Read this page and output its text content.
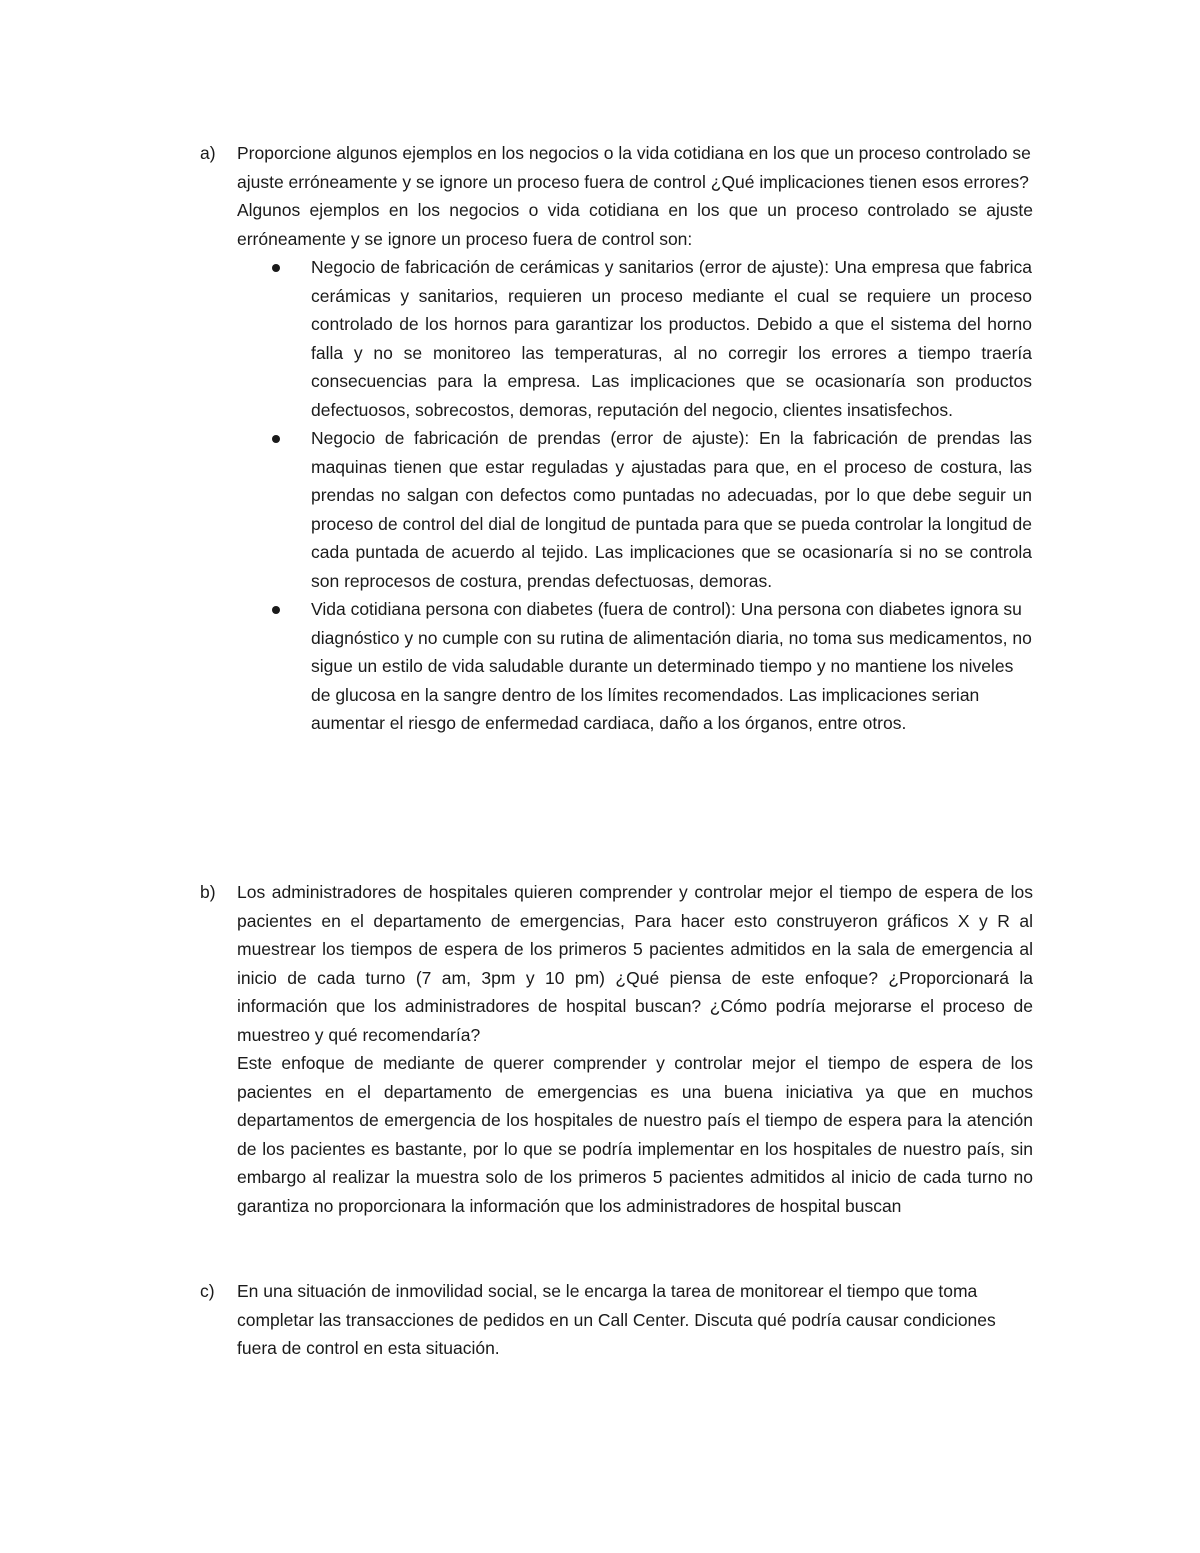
a)	Proporcione algunos ejemplos en los negocios o la vida cotidiana en los que un proceso controlado se ajuste erróneamente y se ignore un proceso fuera de control ¿Qué implicaciones tienen esos errores?

Algunos ejemplos en los negocios o vida cotidiana en los que un proceso controlado se ajuste erróneamente y se ignore un proceso fuera de control son:

Negocio de fabricación de cerámicas y sanitarios (error de ajuste): Una empresa que fabrica cerámicas y sanitarios, requieren un proceso mediante el cual se requiere un proceso controlado de los hornos para garantizar los productos. Debido a que el sistema del horno falla y no se monitoreo las temperaturas, al no corregir los errores a tiempo traería consecuencias para la empresa. Las implicaciones que se ocasionaría son productos defectuosos, sobrecostos, demoras, reputación del negocio, clientes insatisfechos.

Negocio de fabricación de prendas (error de ajuste): En la fabricación de prendas las maquinas tienen que estar reguladas y ajustadas para que, en el proceso de costura, las prendas no salgan con defectos como puntadas no adecuadas, por lo que debe seguir un proceso de control del dial de longitud de puntada para que se pueda controlar la longitud de cada puntada de acuerdo al tejido. Las implicaciones que se ocasionaría si no se controla son reprocesos de costura, prendas defectuosas, demoras.

Vida cotidiana persona con diabetes (fuera de control): Una persona con diabetes ignora su diagnóstico y no cumple con su rutina de alimentación diaria, no toma sus medicamentos, no sigue un estilo de vida saludable durante un determinado tiempo y no mantiene los niveles de glucosa en la sangre dentro de los límites recomendados. Las implicaciones serian aumentar el riesgo de enfermedad cardiaca, daño a los órganos, entre otros.

b)	Los administradores de hospitales quieren comprender y controlar mejor el tiempo de espera de los pacientes en el departamento de emergencias, Para hacer esto construyeron gráficos X y R al muestrear los tiempos de espera de los primeros 5 pacientes admitidos en la sala de emergencia al inicio de cada turno (7 am, 3pm y 10 pm) ¿Qué piensa de este enfoque? ¿Proporcionará la información que los administradores de hospital buscan? ¿Cómo podría mejorarse el proceso de muestreo y qué recomendaría?

Este enfoque de mediante de querer comprender y controlar mejor el tiempo de espera de los pacientes en el departamento de emergencias es una buena iniciativa ya que en muchos departamentos de emergencia de los hospitales de nuestro país el tiempo de espera para la atención de los pacientes es bastante, por lo que se podría implementar en los hospitales de nuestro país, sin embargo al realizar la muestra solo de los primeros 5 pacientes admitidos al inicio de cada turno no garantiza no proporcionara la información que los administradores de hospital buscan

c)	En una situación de inmovilidad social, se le encarga la tarea de monitorear el tiempo que toma completar las transacciones de pedidos en un Call Center. Discuta qué podría causar condiciones fuera de control en esta situación.
